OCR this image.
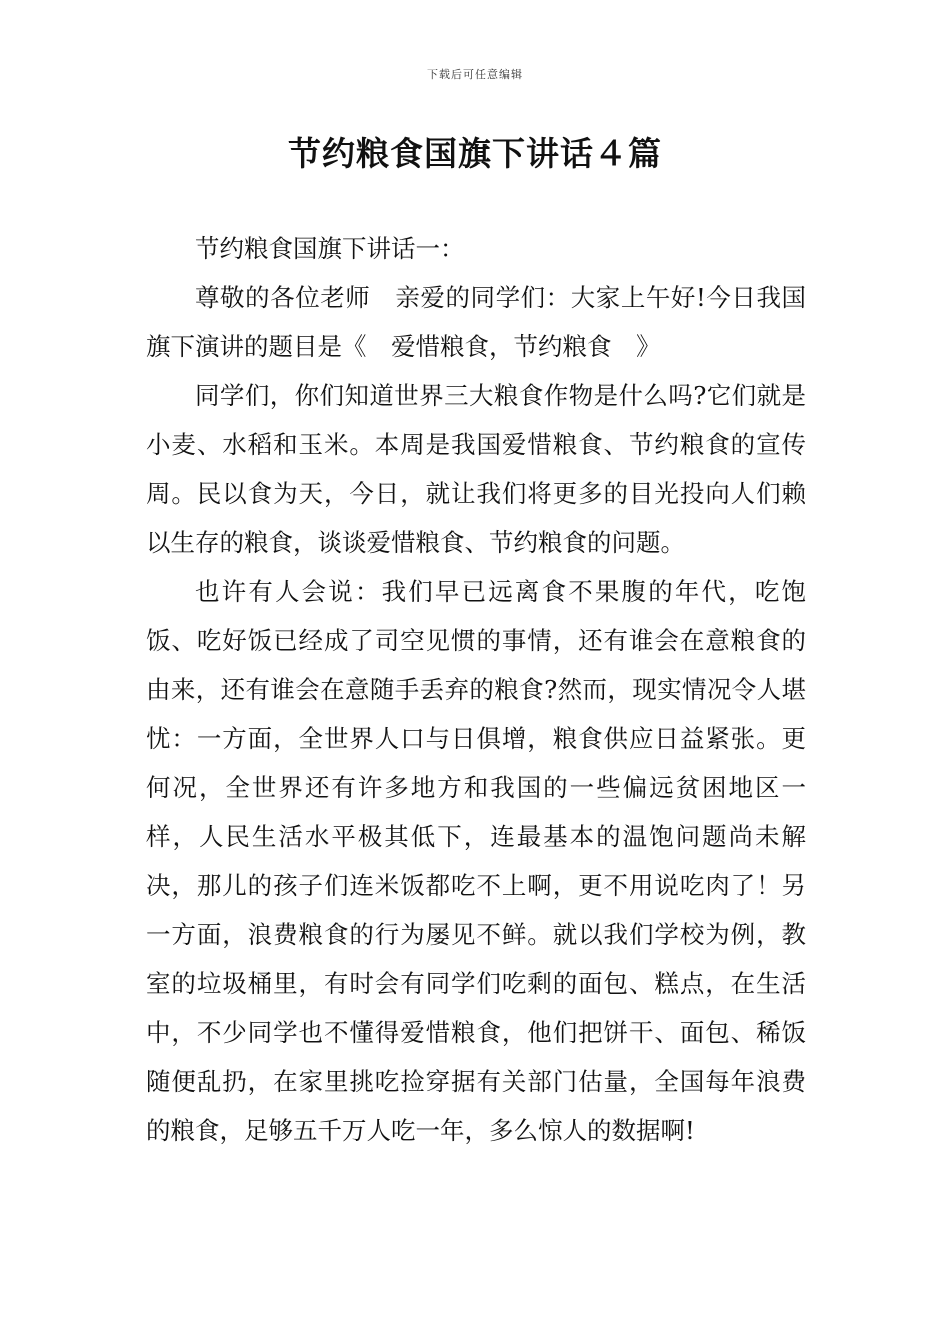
下载后可任意编辑
节约粮食国旗下讲话４篇

节约粮食国旗下讲话一：

尊敬的各位老师　亲爱的同学们：大家上午好!今日我国旗下演讲的题目是《　爱惜粮食，节约粮食　》

同学们，你们知道世界三大粮食作物是什么吗?它们就是小麦、水稻和玉米。本周是我国爱惜粮食、节约粮食的宣传周。民以食为天，今日，就让我们将更多的目光投向人们赖以生存的粮食，谈谈爱惜粮食、节约粮食的问题。

也许有人会说：我们早已远离食不果腹的年代，吃饱饭、吃好饭已经成了司空见惯的事情，还有谁会在意粮食的由来，还有谁会在意随手丢弃的粮食?然而，现实情况令人堪忧：一方面，全世界人口与日俱增，粮食供应日益紧张。更何况，全世界还有许多地方和我国的一些偏远贫困地区一样，人民生活水平极其低下，连最基本的温饱问题尚未解决，那儿的孩子们连米饭都吃不上啊，更不用说吃肉了！另一方面，浪费粮食的行为屡见不鲜。就以我们学校为例，教室的垃圾桶里，有时会有同学们吃剩的面包、糕点，在生活中，不少同学也不懂得爱惜粮食，他们把饼干、面包、稀饭随便乱扔，在家里挑吃捡穿据有关部门估量，全国每年浪费的粮食，足够五千万人吃一年，多么惊人的数据啊!
